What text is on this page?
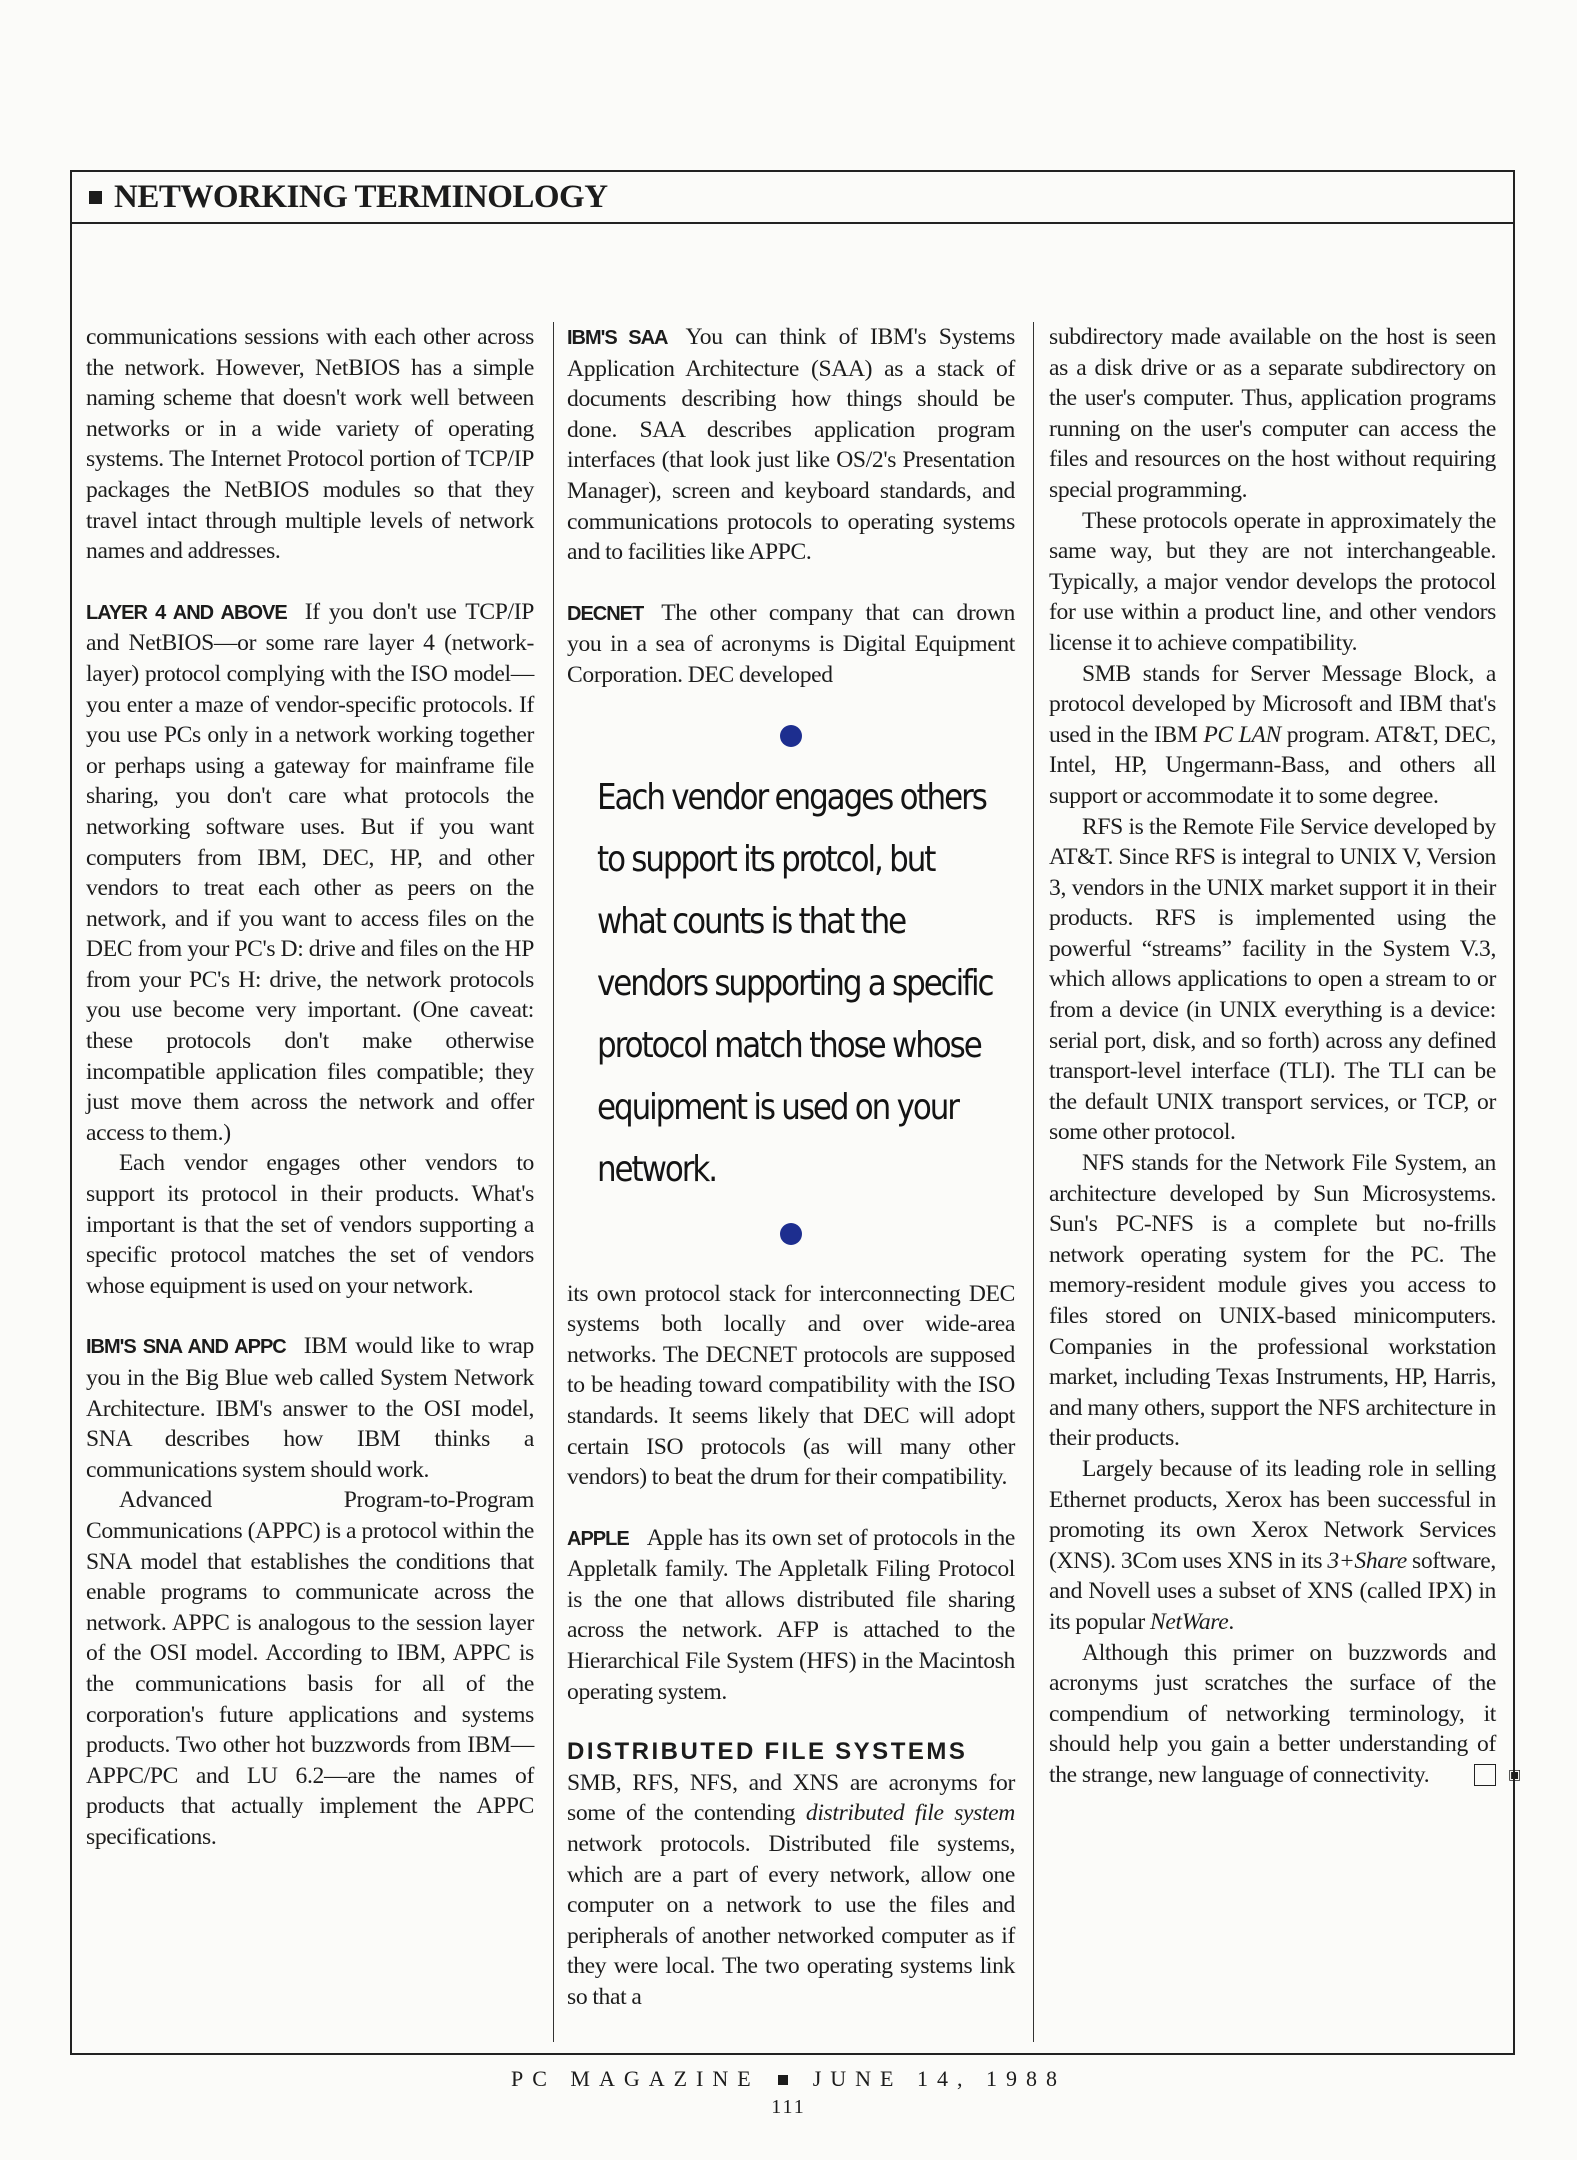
NETWORKING TERMINOLOGY

communications sessions with each other across the network. However, NetBIOS has a simple naming scheme that doesn't work well between networks or in a wide variety of operating systems. The Internet Protocol portion of TCP/IP packages the NetBIOS modules so that they travel intact through multiple levels of network names and addresses.

LAYER 4 AND ABOVE If you don't use TCP/IP and NetBIOS—or some rare layer 4 (network-layer) protocol complying with the ISO model—you enter a maze of vendor-specific protocols. If you use PCs only in a network working together or perhaps using a gateway for mainframe file sharing, you don't care what protocols the networking software uses. But if you want computers from IBM, DEC, HP, and other vendors to treat each other as peers on the network, and if you want to access files on the DEC from your PC's D: drive and files on the HP from your PC's H: drive, the network protocols you use become very important. (One caveat: these protocols don't make otherwise incompatible application files compatible; they just move them across the network and offer access to them.)

Each vendor engages other vendors to support its protocol in their products. What's important is that the set of vendors supporting a specific protocol matches the set of vendors whose equipment is used on your network.

IBM'S SNA AND APPC IBM would like to wrap you in the Big Blue web called System Network Architecture. IBM's answer to the OSI model, SNA describes how IBM thinks a communications system should work.

Advanced Program-to-Program Communications (APPC) is a protocol within the SNA model that establishes the conditions that enable programs to communicate across the network. APPC is analogous to the session layer of the OSI model. According to IBM, APPC is the communications basis for all of the corporation's future applications and systems products. Two other hot buzzwords from IBM—APPC/PC and LU 6.2—are the names of products that actually implement the APPC specifications.

IBM'S SAA You can think of IBM's Systems Application Architecture (SAA) as a stack of documents describing how things should be done. SAA describes application program interfaces (that look just like OS/2's Presentation Manager), screen and keyboard standards, and communications protocols to operating systems and to facilities like APPC.

DECNET The other company that can drown you in a sea of acronyms is Digital Equipment Corporation. DEC developed

Each vendor engages others to support its protcol, but what counts is that the vendors supporting a specific protocol match those whose equipment is used on your network.

its own protocol stack for interconnecting DEC systems both locally and over wide-area networks. The DECNET protocols are supposed to be heading toward compatibility with the ISO standards. It seems likely that DEC will adopt certain ISO protocols (as will many other vendors) to beat the drum for their compatibility.

APPLE Apple has its own set of protocols in the Appletalk family. The Appletalk Filing Protocol is the one that allows distributed file sharing across the network. AFP is attached to the Hierarchical File System (HFS) in the Macintosh operating system.

DISTRIBUTED FILE SYSTEMS

SMB, RFS, NFS, and XNS are acronyms for some of the contending distributed file system network protocols. Distributed file systems, which are a part of every network, allow one computer on a network to use the files and peripherals of another networked computer as if they were local. The two operating systems link so that a

subdirectory made available on the host is seen as a disk drive or as a separate subdirectory on the user's computer. Thus, application programs running on the user's computer can access the files and resources on the host without requiring special programming.

These protocols operate in approximately the same way, but they are not interchangeable. Typically, a major vendor develops the protocol for use within a product line, and other vendors license it to achieve compatibility.

SMB stands for Server Message Block, a protocol developed by Microsoft and IBM that's used in the IBM PC LAN program. AT&T, DEC, Intel, HP, Ungermann-Bass, and others all support or accommodate it to some degree.

RFS is the Remote File Service developed by AT&T. Since RFS is integral to UNIX V, Version 3, vendors in the UNIX market support it in their products. RFS is implemented using the powerful “streams” facility in the System V.3, which allows applications to open a stream to or from a device (in UNIX everything is a device: serial port, disk, and so forth) across any defined transport-level interface (TLI). The TLI can be the default UNIX transport services, or TCP, or some other protocol.

NFS stands for the Network File System, an architecture developed by Sun Microsystems. Sun's PC-NFS is a complete but no-frills network operating system for the PC. The memory-resident module gives you access to files stored on UNIX-based minicomputers. Companies in the professional workstation market, including Texas Instruments, HP, Harris, and many others, support the NFS architecture in their products.

Largely because of its leading role in selling Ethernet products, Xerox has been successful in promoting its own Xerox Network Services (XNS). 3Com uses XNS in its 3+Share software, and Novell uses a subset of XNS (called IPX) in its popular NetWare.

Although this primer on buzzwords and acronyms just scratches the surface of the compendium of networking terminology, it should help you gain a better understanding of the strange, new language of connectivity.	▣

PC MAGAZINE JUNE 14, 1988
111
